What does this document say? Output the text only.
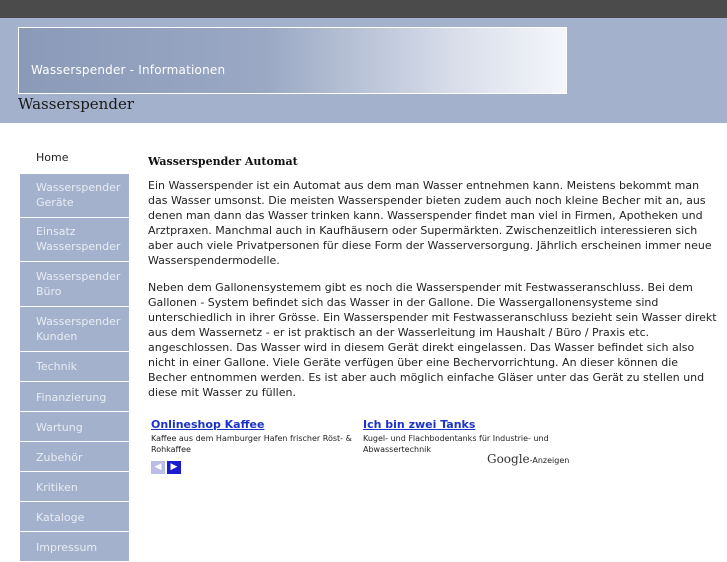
Wasserspender - Informationen
Wasserspender
Home
Wasserspender Geräte
Einsatz Wasserspender
Wasserspender Büro
Wasserspender Kunden
Technik
Finanzierung
Wartung
Zubehör
Kritiken
Kataloge
Impressum
Wasserspender Automat

Ein Wasserspender ist ein Automat aus dem man Wasser entnehmen kann. Meistens bekommt man das Wasser umsonst. Die meisten Wasserspender bieten zudem auch noch kleine Becher mit an, aus denen man dann das Wasser trinken kann. Wasserspender findet man viel in Firmen, Apotheken und Arztpraxen. Manchmal auch in Kaufhäusern oder Supermärkten. Zwischenzeitlich interessieren sich aber auch viele Privatpersonen für diese Form der Wasserversorgung. Jährlich erscheinen immer neue Wasserspendermodelle.

Neben dem Gallonensystemem gibt es noch die Wasserspender mit Festwasseranschluss. Bei dem Gallonen - System befindet sich das Wasser in der Gallone. Die Wassergallonensysteme sind unterschiedlich in ihrer Grösse. Ein Wasserspender mit Festwasseranschluss bezieht sein Wasser direkt aus dem Wassernetz - er ist praktisch an der Wasserleitung im Haushalt / Büro / Praxis etc. angeschlossen. Das Wasser wird in diesem Gerät direkt eingelassen. Das Wasser befindet sich also nicht in einer Gallone. Viele Geräte verfügen über eine Bechervorrichtung. An dieser können die Becher entnommen werden. Es ist aber auch möglich einfache Gläser unter das Gerät zu stellen und diese mit Wasser zu füllen.

Onlineshop Kaffee
Kaffee aus dem Hamburger Hafen frischer Röst- & Rohkaffee
Ich bin zwei Tanks
Kugel- und Flachbodentanks für Industrie- und Abwassertechnik
◀ ▶
Google-Anzeigen
